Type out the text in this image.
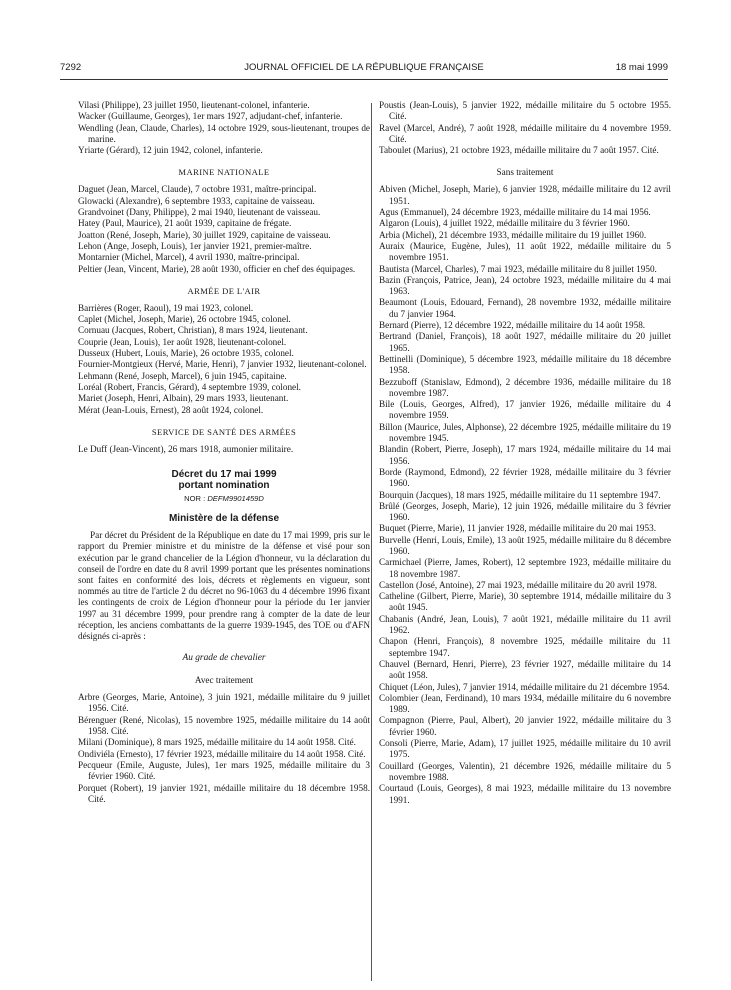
JOURNAL OFFICIEL DE LA RÉPUBLIQUE FRANÇAISE
7292	18 mai 1999
Vilasi (Philippe), 23 juillet 1950, lieutenant-colonel, infanterie.
Wacker (Guillaume, Georges), 1er mars 1927, adjudant-chef, infanterie.
Wendling (Jean, Claude, Charles), 14 octobre 1929, sous-lieutenant, troupes de marine.
Yriarte (Gérard), 12 juin 1942, colonel, infanterie.
MARINE NATIONALE
Daguet (Jean, Marcel, Claude), 7 octobre 1931, maître-principal.
Glowacki (Alexandre), 6 septembre 1933, capitaine de vaisseau.
Grandvoinet (Dany, Philippe), 2 mai 1940, lieutenant de vaisseau.
Hatey (Paul, Maurice), 21 août 1939, capitaine de frégate.
Joatton (René, Joseph, Marie), 30 juillet 1929, capitaine de vaisseau.
Lehon (Ange, Joseph, Louis), 1er janvier 1921, premier-maître.
Montarnier (Michel, Marcel), 4 avril 1930, maître-principal.
Peltier (Jean, Vincent, Marie), 28 août 1930, officier en chef des équipages.
ARMÉE DE L'AIR
Barrières (Roger, Raoul), 19 mai 1923, colonel.
Caplet (Michel, Joseph, Marie), 26 octobre 1945, colonel.
Cornuau (Jacques, Robert, Christian), 8 mars 1924, lieutenant.
Couprie (Jean, Louis), 1er août 1928, lieutenant-colonel.
Dusseux (Hubert, Louis, Marie), 26 octobre 1935, colonel.
Fournier-Montgieux (Hervé, Marie, Henri), 7 janvier 1932, lieutenant-colonel.
Lehmann (René, Joseph, Marcel), 6 juin 1945, capitaine.
Loréal (Robert, Francis, Gérard), 4 septembre 1939, colonel.
Mariet (Joseph, Henri, Albain), 29 mars 1933, lieutenant.
Mérat (Jean-Louis, Ernest), 28 août 1924, colonel.
SERVICE DE SANTÉ DES ARMÉES
Le Duff (Jean-Vincent), 26 mars 1918, aumonier militaire.
Décret du 17 mai 1999
portant nomination
NOR : DEFM9901459D
Ministère de la défense
Par décret du Président de la République en date du 17 mai 1999, pris sur le rapport du Premier ministre et du ministre de la défense et visé pour son exécution par le grand chancelier de la Légion d'honneur, vu la déclaration du conseil de l'ordre en date du 8 avril 1999 portant que les présentes nominations sont faites en conformité des lois, décrets et règlements en vigueur, sont nommés au titre de l'article 2 du décret no 96-1063 du 4 décembre 1996 fixant les contingents de croix de Légion d'honneur pour la période du 1er janvier 1997 au 31 décembre 1999, pour prendre rang à compter de la date de leur réception, les anciens combattants de la guerre 1939-1945, des TOE ou d'AFN désignés ci-après :
Au grade de chevalier
Avec traitement
Arbre (Georges, Marie, Antoine), 3 juin 1921, médaille militaire du 9 juillet 1956. Cité.
Bérenguer (René, Nicolas), 15 novembre 1925, médaille militaire du 14 août 1958. Cité.
Milani (Dominique), 8 mars 1925, médaille militaire du 14 août 1958. Cité.
Ondiviéla (Ernesto), 17 février 1923, médaille militaire du 14 août 1958. Cité.
Pecqueur (Emile, Auguste, Jules), 1er mars 1925, médaille militaire du 3 février 1960. Cité.
Porquet (Robert), 19 janvier 1921, médaille militaire du 18 décembre 1958. Cité.
Poustis (Jean-Louis), 5 janvier 1922, médaille militaire du 5 octobre 1955. Cité.
Ravel (Marcel, André), 7 août 1928, médaille militaire du 4 novembre 1959. Cité.
Taboulet (Marius), 21 octobre 1923, médaille militaire du 7 août 1957. Cité.
Sans traitement
Abiven (Michel, Joseph, Marie), 6 janvier 1928, médaille militaire du 12 avril 1951.
Agus (Emmanuel), 24 décembre 1923, médaille militaire du 14 mai 1956.
Algaron (Louis), 4 juillet 1922, médaille militaire du 3 février 1960.
Arbia (Michel), 21 décembre 1933, médaille militaire du 19 juillet 1960.
Auraix (Maurice, Eugène, Jules), 11 août 1922, médaille militaire du 5 novembre 1951.
Bautista (Marcel, Charles), 7 mai 1923, médaille militaire du 8 juillet 1950.
Bazin (François, Patrice, Jean), 24 octobre 1923, médaille militaire du 4 mai 1963.
Beaumont (Louis, Edouard, Fernand), 28 novembre 1932, médaille militaire du 7 janvier 1964.
Bernard (Pierre), 12 décembre 1922, médaille militaire du 14 août 1958.
Bertrand (Daniel, François), 18 août 1927, médaille militaire du 20 juillet 1965.
Bettinelli (Dominique), 5 décembre 1923, médaille militaire du 18 décembre 1958.
Bezzuboff (Stanislaw, Edmond), 2 décembre 1936, médaille militaire du 18 novembre 1987.
Bile (Louis, Georges, Alfred), 17 janvier 1926, médaille militaire du 4 novembre 1959.
Billon (Maurice, Jules, Alphonse), 22 décembre 1925, médaille militaire du 19 novembre 1945.
Blandin (Robert, Pierre, Joseph), 17 mars 1924, médaille militaire du 14 mai 1956.
Borde (Raymond, Edmond), 22 février 1928, médaille militaire du 3 février 1960.
Bourquin (Jacques), 18 mars 1925, médaille militaire du 11 septembre 1947.
Brûlé (Georges, Joseph, Marie), 12 juin 1926, médaille militaire du 3 février 1960.
Buquet (Pierre, Marie), 11 janvier 1928, médaille militaire du 20 mai 1953.
Burvelle (Henri, Louis, Emile), 13 août 1925, médaille militaire du 8 décembre 1960.
Carmichael (Pierre, James, Robert), 12 septembre 1923, médaille militaire du 18 novembre 1987.
Castellon (José, Antoine), 27 mai 1923, médaille militaire du 20 avril 1978.
Catheline (Gilbert, Pierre, Marie), 30 septembre 1914, médaille militaire du 3 août 1945.
Chabanis (André, Jean, Louis), 7 août 1921, médaille militaire du 11 avril 1962.
Chapon (Henri, François), 8 novembre 1925, médaille militaire du 11 septembre 1947.
Chauvel (Bernard, Henri, Pierre), 23 février 1927, médaille militaire du 14 août 1958.
Chiquet (Léon, Jules), 7 janvier 1914, médaille militaire du 21 décembre 1954.
Colombier (Jean, Ferdinand), 10 mars 1934, médaille militaire du 6 novembre 1989.
Compagnon (Pierre, Paul, Albert), 20 janvier 1922, médaille militaire du 3 février 1960.
Consoli (Pierre, Marie, Adam), 17 juillet 1925, médaille militaire du 10 avril 1975.
Couillard (Georges, Valentin), 21 décembre 1926, médaille militaire du 5 novembre 1988.
Courtaud (Louis, Georges), 8 mai 1923, médaille militaire du 13 novembre 1991.
